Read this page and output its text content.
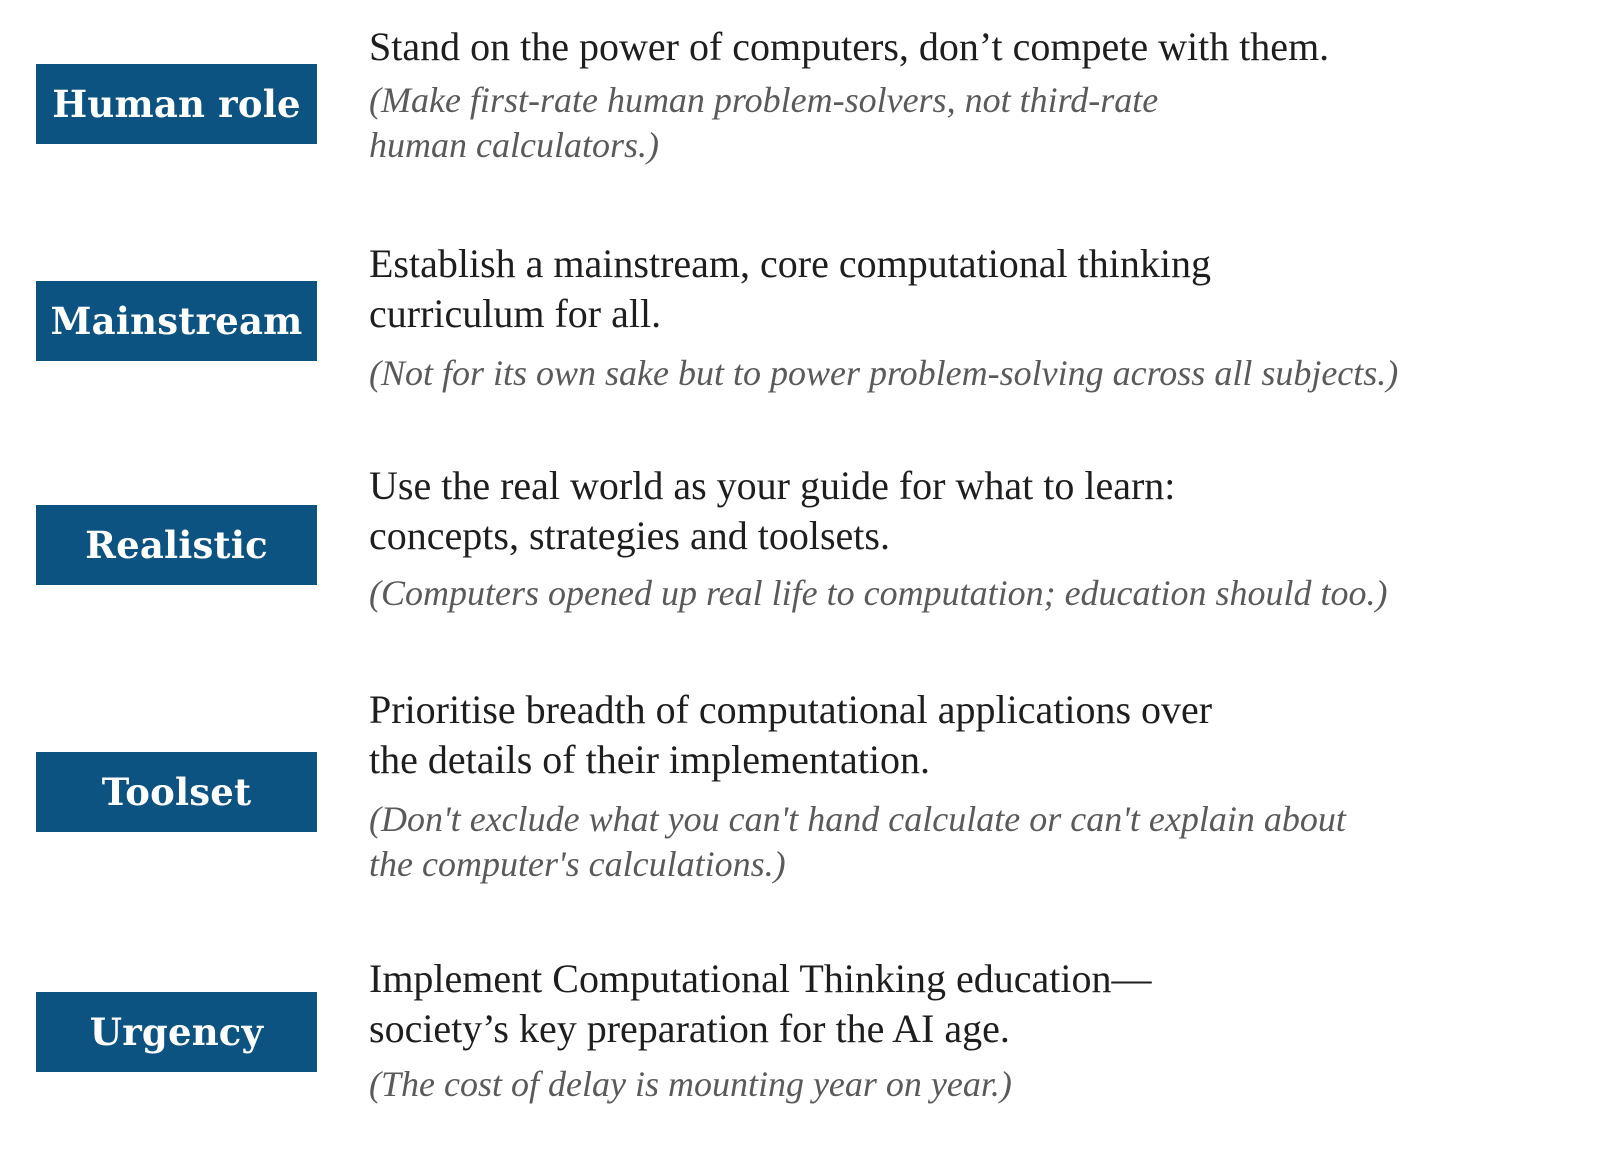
Human role

Stand on the power of computers, don’t compete with them.

(Make first-rate human problem-solvers, not third-rate
human calculators.)

Mainstream

Establish a mainstream, core computational thinking
curriculum for all.

(Not for its own sake but to power problem-solving across all subjects.)

Realistic

Use the real world as your guide for what to learn:
concepts, strategies and toolsets.

(Computers opened up real life to computation; education should too.)

Toolset

Prioritise breadth of computational applications over
the details of their implementation.

(Don't exclude what you can't hand calculate or can't explain about
the computer's calculations.)

Urgency

Implement Computational Thinking education—
society’s key preparation for the AI age.

(The cost of delay is mounting year on year.)
